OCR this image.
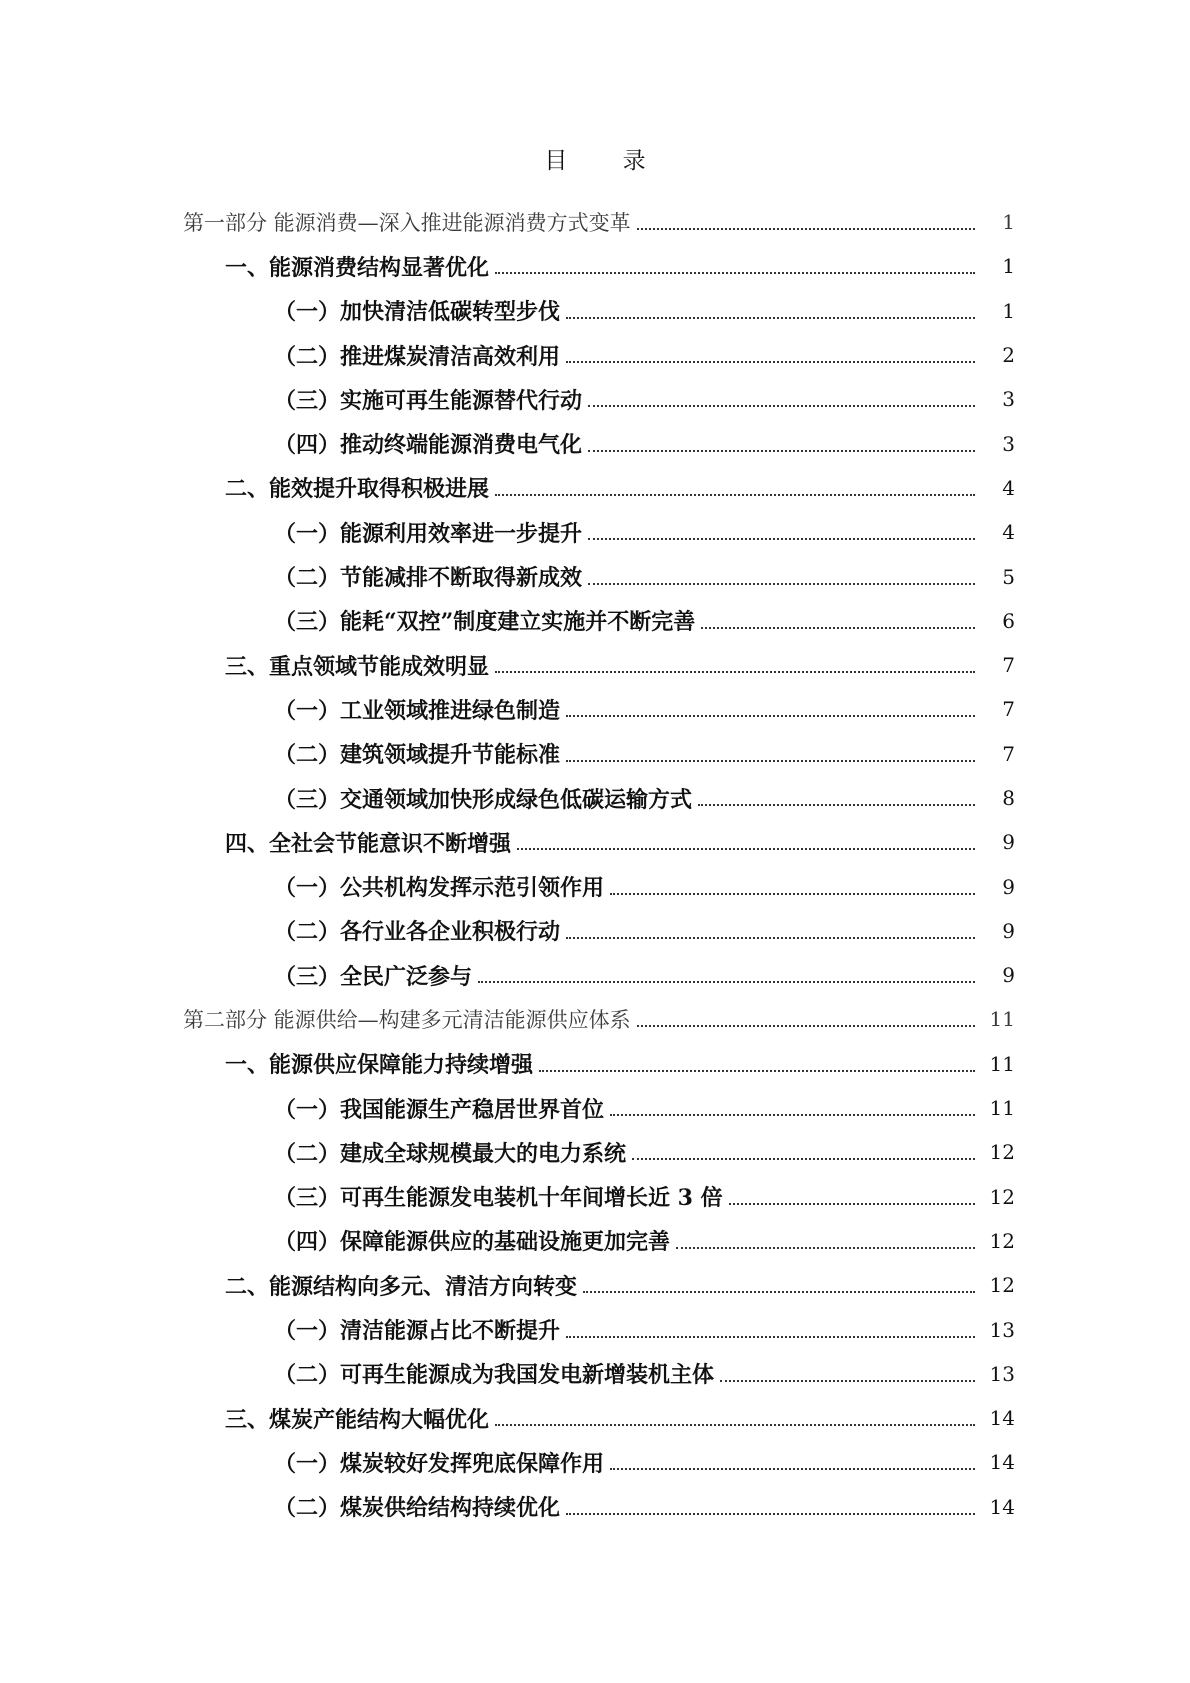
目 录
第一部分 能源消费—深入推进能源消费方式变革	1
一、能源消费结构显著优化	1
（一）加快清洁低碳转型步伐	1
（二）推进煤炭清洁高效利用	2
（三）实施可再生能源替代行动	3
（四）推动终端能源消费电气化	3
二、能效提升取得积极进展	4
（一）能源利用效率进一步提升	4
（二）节能减排不断取得新成效	5
（三）能耗“双控”制度建立实施并不断完善	6
三、重点领域节能成效明显	7
（一）工业领域推进绿色制造	7
（二）建筑领域提升节能标准	7
（三）交通领域加快形成绿色低碳运输方式	8
四、全社会节能意识不断增强	9
（一）公共机构发挥示范引领作用	9
（二）各行业各企业积极行动	9
（三）全民广泛参与	9
第二部分 能源供给—构建多元清洁能源供应体系	11
一、能源供应保障能力持续增强	11
（一）我国能源生产稳居世界首位	11
（二）建成全球规模最大的电力系统	12
（三）可再生能源发电装机十年间增长近 3 倍	12
（四）保障能源供应的基础设施更加完善	12
二、能源结构向多元、清洁方向转变	12
（一）清洁能源占比不断提升	13
（二）可再生能源成为我国发电新增装机主体	13
三、煤炭产能结构大幅优化	14
（一）煤炭较好发挥兜底保障作用	14
（二）煤炭供给结构持续优化	14
